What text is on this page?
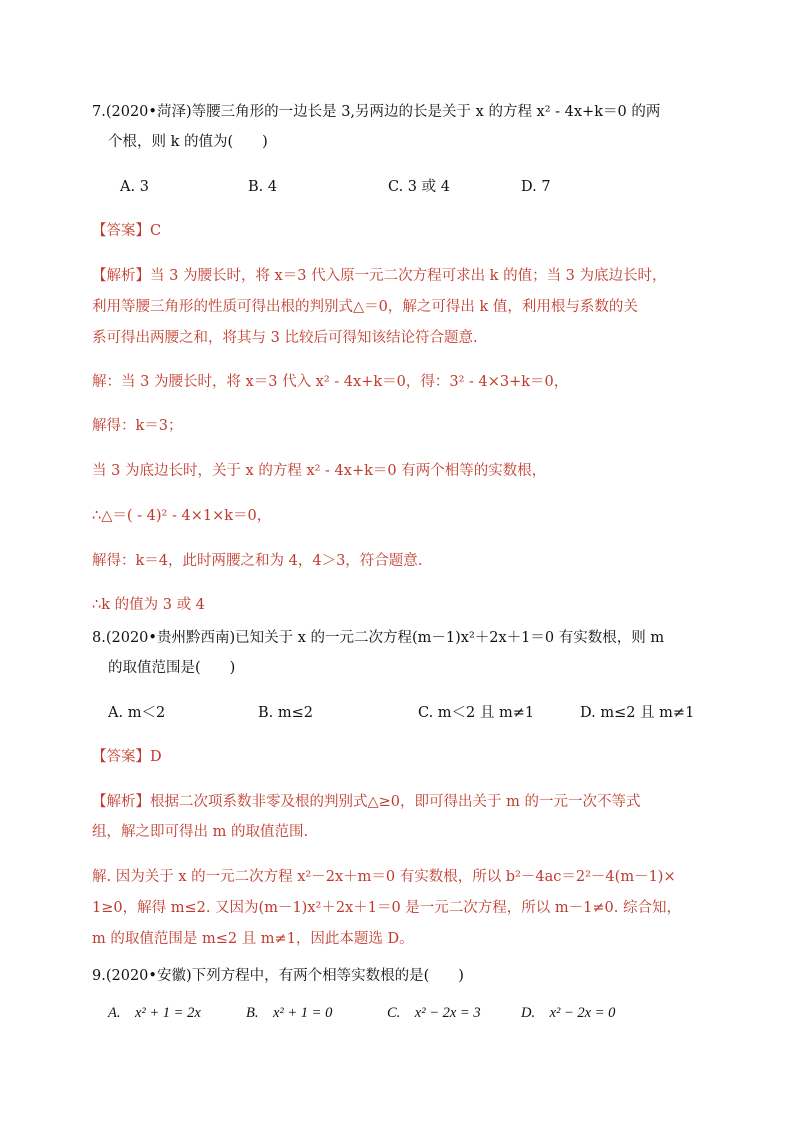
7.(2020•菏泽)等腰三角形的一边长是 3,另两边的长是关于 x 的方程 x² - 4x+k＝0 的两
个根，则 k 的值为(　　)
A. 3	B. 4	C. 3 或 4	D. 7
【答案】C
【解析】当 3 为腰长时，将 x＝3 代入原一元二次方程可求出 k 的值；当 3 为底边长时，
利用等腰三角形的性质可得出根的判别式△＝0，解之可得出 k 值，利用根与系数的关
系可得出两腰之和，将其与 3 比较后可得知该结论符合题意.
解：当 3 为腰长时，将 x＝3 代入 x² - 4x+k＝0，得：3² - 4×3+k＝0，
解得：k＝3；
当 3 为底边长时，关于 x 的方程 x² - 4x+k＝0 有两个相等的实数根，
∴△＝( - 4)² - 4×1×k＝0，
解得：k＝4，此时两腰之和为 4，4＞3，符合题意.
∴k 的值为 3 或 4
8.(2020•贵州黔西南)已知关于 x 的一元二次方程(m－1)x²＋2x＋1＝0 有实数根，则 m
的取值范围是(　　)
A. m＜2	B. m≤2	C. m＜2 且 m≠1	D. m≤2 且 m≠1
【答案】D
【解析】根据二次项系数非零及根的判别式△≥0，即可得出关于 m 的一元一次不等式
组，解之即可得出 m 的取值范围.
解. 因为关于 x 的一元二次方程 x²－2x＋m＝0 有实数根，所以 b²－4ac＝2²－4(m－1)×
1≥0，解得 m≤2. 又因为(m－1)x²＋2x＋1＝0 是一元二次方程，所以 m－1≠0. 综合知，
m 的取值范围是 m≤2 且 m≠1，因此本题选 D。
9.(2020•安徽)下列方程中，有两个相等实数根的是(　　)
A.　x² + 1 = 2x	B.　x² + 1 = 0	C.　x² − 2x = 3	D.　x² − 2x = 0
